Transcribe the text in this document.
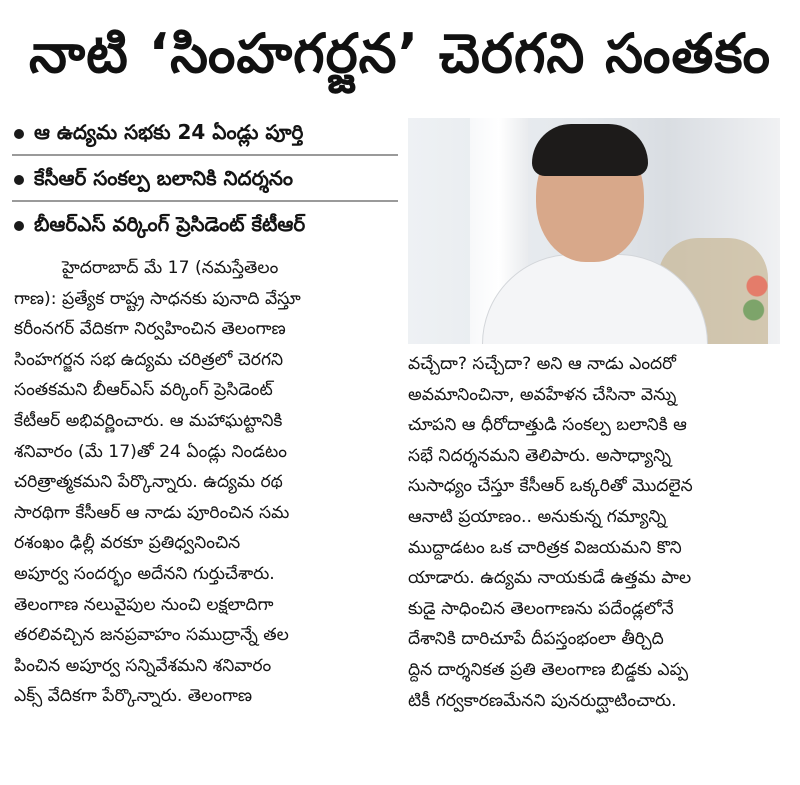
నాటి ‘సింహగర్జన’ చెరగని సంతకం
ఆ ఉద్యమ సభకు 24 ఏండ్లు పూర్తి
కేసీఆర్ సంకల్ప బలానికి నిదర్శనం
బీఆర్ఎస్ వర్కింగ్ ప్రెసిడెంట్ కేటీఆర్
హైదరాబాద్ మే 17 (నమస్తేతెలం
గాణ): ప్రత్యేక రాష్ట్ర సాధనకు పునాది వేస్తూ
కరీంనగర్ వేదికగా నిర్వహించిన తెలంగాణ
సింహగర్జన సభ ఉద్యమ చరిత్రలో చెరగని
సంతకమని బీఆర్ఎస్ వర్కింగ్ ప్రెసిడెంట్
కేటీఆర్ అభివర్ణించారు. ఆ మహాఘట్టానికి
శనివారం (మే 17)తో 24 ఏండ్లు నిండటం
చరిత్రాత్మకమని పేర్కొన్నారు. ఉద్యమ రథ
సారథిగా కేసీఆర్ ఆ నాడు పూరించిన సమ
రశంఖం ఢిల్లీ వరకూ ప్రతిధ్వనించిన
అపూర్వ సందర్భం అదేనని గుర్తుచేశారు.
తెలంగాణ నలువైపుల నుంచి లక్షలాదిగా
తరలివచ్చిన జనప్రవాహం సముద్రాన్నే తల
పించిన అపూర్వ సన్నివేశమని శనివారం
ఎక్స్ వేదికగా పేర్కొన్నారు. తెలంగాణ
వచ్చేదా? సచ్చేదా? అని ఆ నాడు ఎందరో
అవమానించినా, అవహేళన చేసినా వెన్ను
చూపని ఆ ధీరోదాత్తుడి సంకల్ప బలానికి ఆ
సభే నిదర్శనమని తెలిపారు. అసాధ్యాన్ని
సుసాధ్యం చేస్తూ కేసీఆర్ ఒక్కరితో మొదలైన
ఆనాటి ప్రయాణం.. అనుకున్న గమ్యాన్ని
ముద్దాడటం ఒక చారిత్రక విజయమని కొని
యాడారు. ఉద్యమ నాయకుడే ఉత్తమ పాల
కుడై సాధించిన తెలంగాణను పదేండ్లలోనే
దేశానికి దారిచూపే దీపస్తంభంలా తీర్చిది
ద్దిన దార్శనికత ప్రతి తెలంగాణ బిడ్డకు ఎప్ప
టికీ గర్వకారణమేనని పునరుద్ఘాటించారు.
